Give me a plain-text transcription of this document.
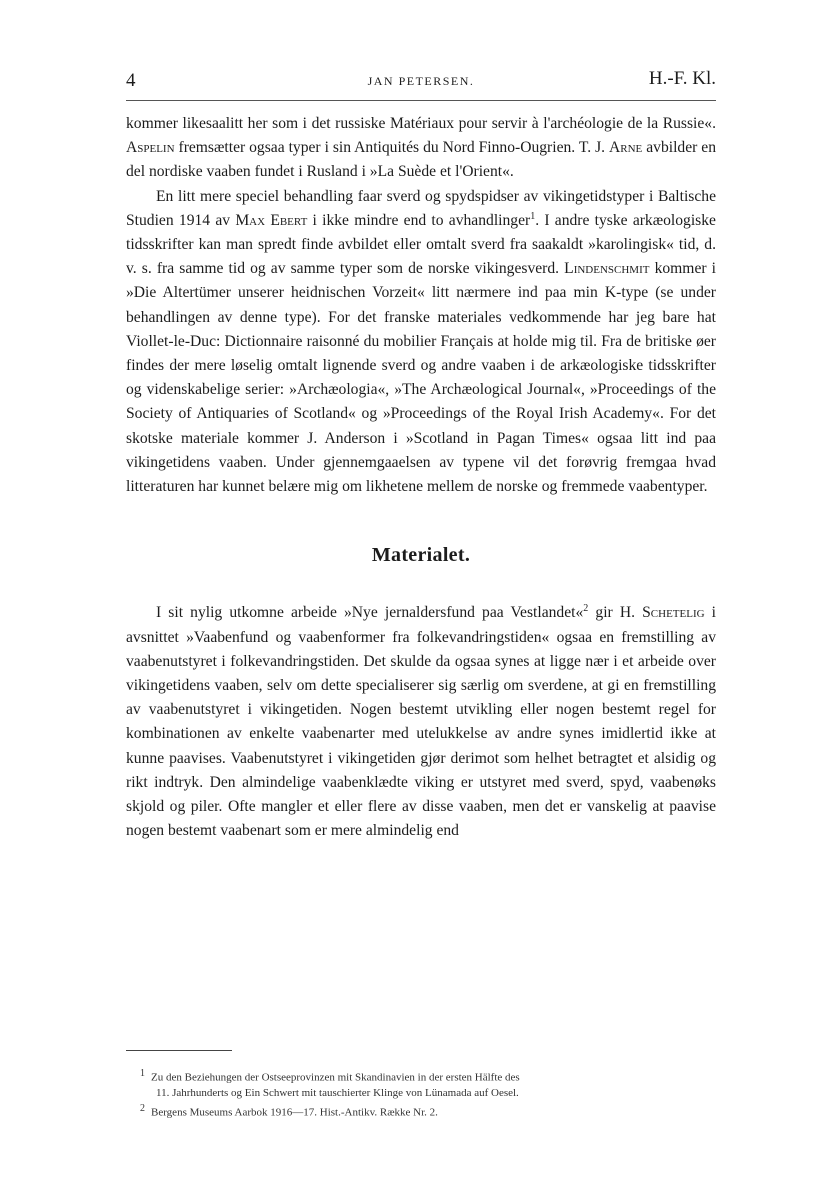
4	JAN PETERSEN.	H.-F. Kl.

kommer likesaalitt her som i det russiske Matériaux pour servir à l'archéologie de la Russie«. Aspelin fremsætter ogsaa typer i sin Antiquités du Nord Finno-Ougrien. T. J. Arne avbilder en del nordiske vaaben fundet i Rusland i »La Suède et l'Orient«.

En litt mere speciel behandling faar sverd og spydspidser av vikingetidstyper i Baltische Studien 1914 av Max Ebert i ikke mindre end to avhandlinger$^1$. I andre tyske arkæologiske tidsskrifter kan man spredt finde avbildet eller omtalt sverd fra saakaldt »karolingisk« tid, d. v. s. fra samme tid og av samme typer som de norske vikingesverd. Lindenschmit kommer i »Die Altertümer unserer heidnischen Vorzeit« litt nærmere ind paa min K-type (se under behandlingen av denne type). For det franske materiales vedkommende har jeg bare hat Viollet-le-Duc: Dictionnaire raisonné du mobilier Français at holde mig til. Fra de britiske øer findes der mere løselig omtalt lignende sverd og andre vaaben i de arkæologiske tidsskrifter og videnskabelige serier: »Archæologia«, »The Archæological Journal«, »Proceedings of the Society of Antiquaries of Scotland« og »Proceedings of the Royal Irish Academy«. For det skotske materiale kommer J. Anderson i »Scotland in Pagan Times« ogsaa litt ind paa vikingetidens vaaben. Under gjennemgaaelsen av typene vil det forøvrig fremgaa hvad litteraturen har kunnet belære mig om likhetene mellem de norske og fremmede vaabentyper.

Materialet.

I sit nylig utkomne arbeide »Nye jernaldersfund paa Vestlandet«$^2$ gir H. Schetelig i avsnittet »Vaabenfund og vaabenformer fra folkevandringstiden« ogsaa en fremstilling av vaabenutstyret i folkevandringstiden. Det skulde da ogsaa synes at ligge nær i et arbeide over vikingetidens vaaben, selv om dette specialiserer sig særlig om sverdene, at gi en fremstilling av vaabenutstyret i vikingetiden. Nogen bestemt utvikling eller nogen bestemt regel for kombinationen av enkelte vaabenarter med utelukkelse av andre synes imidlertid ikke at kunne paavises. Vaabenutstyret i vikingetiden gjør derimot som helhet betragtet et alsidig og rikt indtryk. Den almindelige vaabenklædte viking er utstyret med sverd, spyd, vaabenøks skjold og piler. Ofte mangler et eller flere av disse vaaben, men det er vanskelig at paavise nogen bestemt vaabenart som er mere almindelig end

$^1$ Zu den Beziehungen der Ostseeprovinzen mit Skandinavien in der ersten Hälfte des

11. Jahrhunderts og Ein Schwert mit tauschierter Klinge von Lünamada auf Oesel.

$^2$ Bergens Museums Aarbok 1916—17. Hist.-Antikv. Række Nr. 2.
